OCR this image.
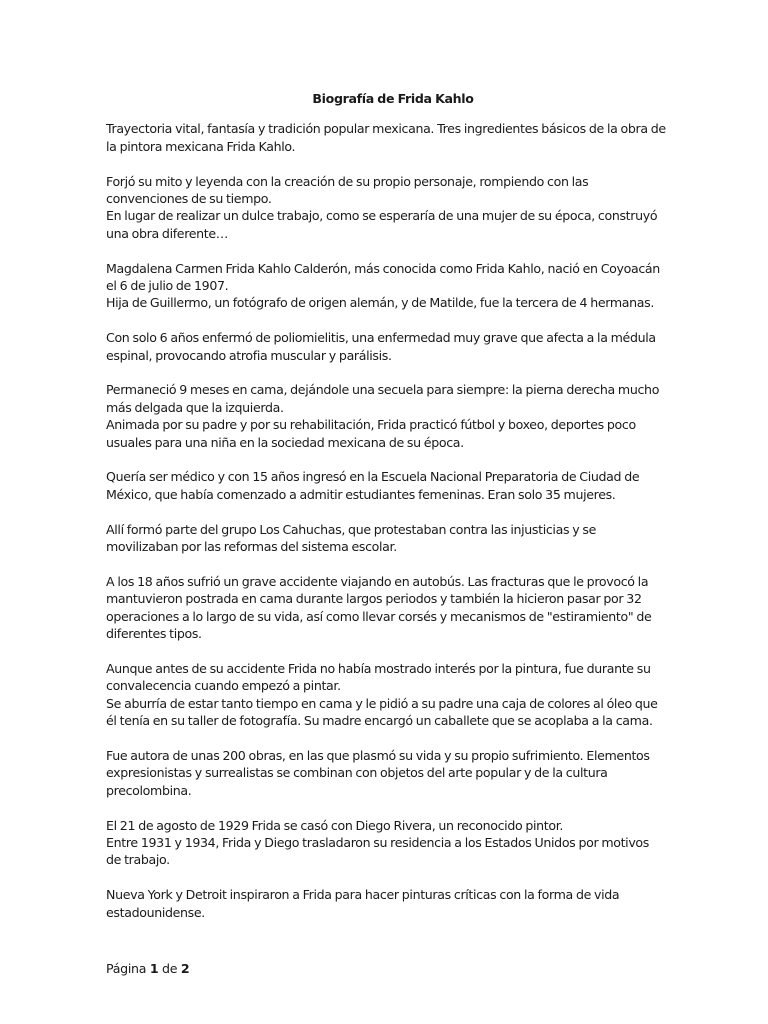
Biografía de Frida Kahlo

Trayectoria vital, fantasía y tradición popular mexicana. Tres ingredientes básicos de la obra de la pintora mexicana Frida Kahlo.

Forjó su mito y leyenda con la creación de su propio personaje, rompiendo con las convenciones de su tiempo.
En lugar de realizar un dulce trabajo, como se esperaría de una mujer de su época, construyó una obra diferente…

Magdalena Carmen Frida Kahlo Calderón, más conocida como Frida Kahlo, nació en Coyoacán el 6 de julio de 1907.
Hija de Guillermo, un fotógrafo de origen alemán, y de Matilde, fue la tercera de 4 hermanas.

Con solo 6 años enfermó de poliomielitis, una enfermedad muy grave que afecta a la médula espinal, provocando atrofia muscular y parálisis.

Permaneció 9 meses en cama, dejándole una secuela para siempre: la pierna derecha mucho más delgada que la izquierda.
Animada por su padre y por su rehabilitación, Frida practicó fútbol y boxeo, deportes poco usuales para una niña en la sociedad mexicana de su época.

Quería ser médico y con 15 años ingresó en la Escuela Nacional Preparatoria de Ciudad de México, que había comenzado a admitir estudiantes femeninas. Eran solo 35 mujeres.

Allí formó parte del grupo Los Cahuchas, que protestaban contra las injusticias y se movilizaban por las reformas del sistema escolar.

A los 18 años sufrió un grave accidente viajando en autobús. Las fracturas que le provocó la mantuvieron postrada en cama durante largos periodos y también la hicieron pasar por 32 operaciones a lo largo de su vida, así como llevar corsés y mecanismos de "estiramiento" de diferentes tipos.

Aunque antes de su accidente Frida no había mostrado interés por la pintura, fue durante su convalecencia cuando empezó a pintar.
Se aburría de estar tanto tiempo en cama y le pidió a su padre una caja de colores al óleo que él tenía en su taller de fotografía. Su madre encargó un caballete que se acoplaba a la cama.

Fue autora de unas 200 obras, en las que plasmó su vida y su propio sufrimiento. Elementos expresionistas y surrealistas se combinan con objetos del arte popular y de la cultura precolombina.

El 21 de agosto de 1929 Frida se casó con Diego Rivera, un reconocido pintor.
Entre 1931 y 1934, Frida y Diego trasladaron su residencia a los Estados Unidos por motivos de trabajo.

Nueva York y Detroit inspiraron a Frida para hacer pinturas críticas con la forma de vida estadounidense.

Página 1 de 2
